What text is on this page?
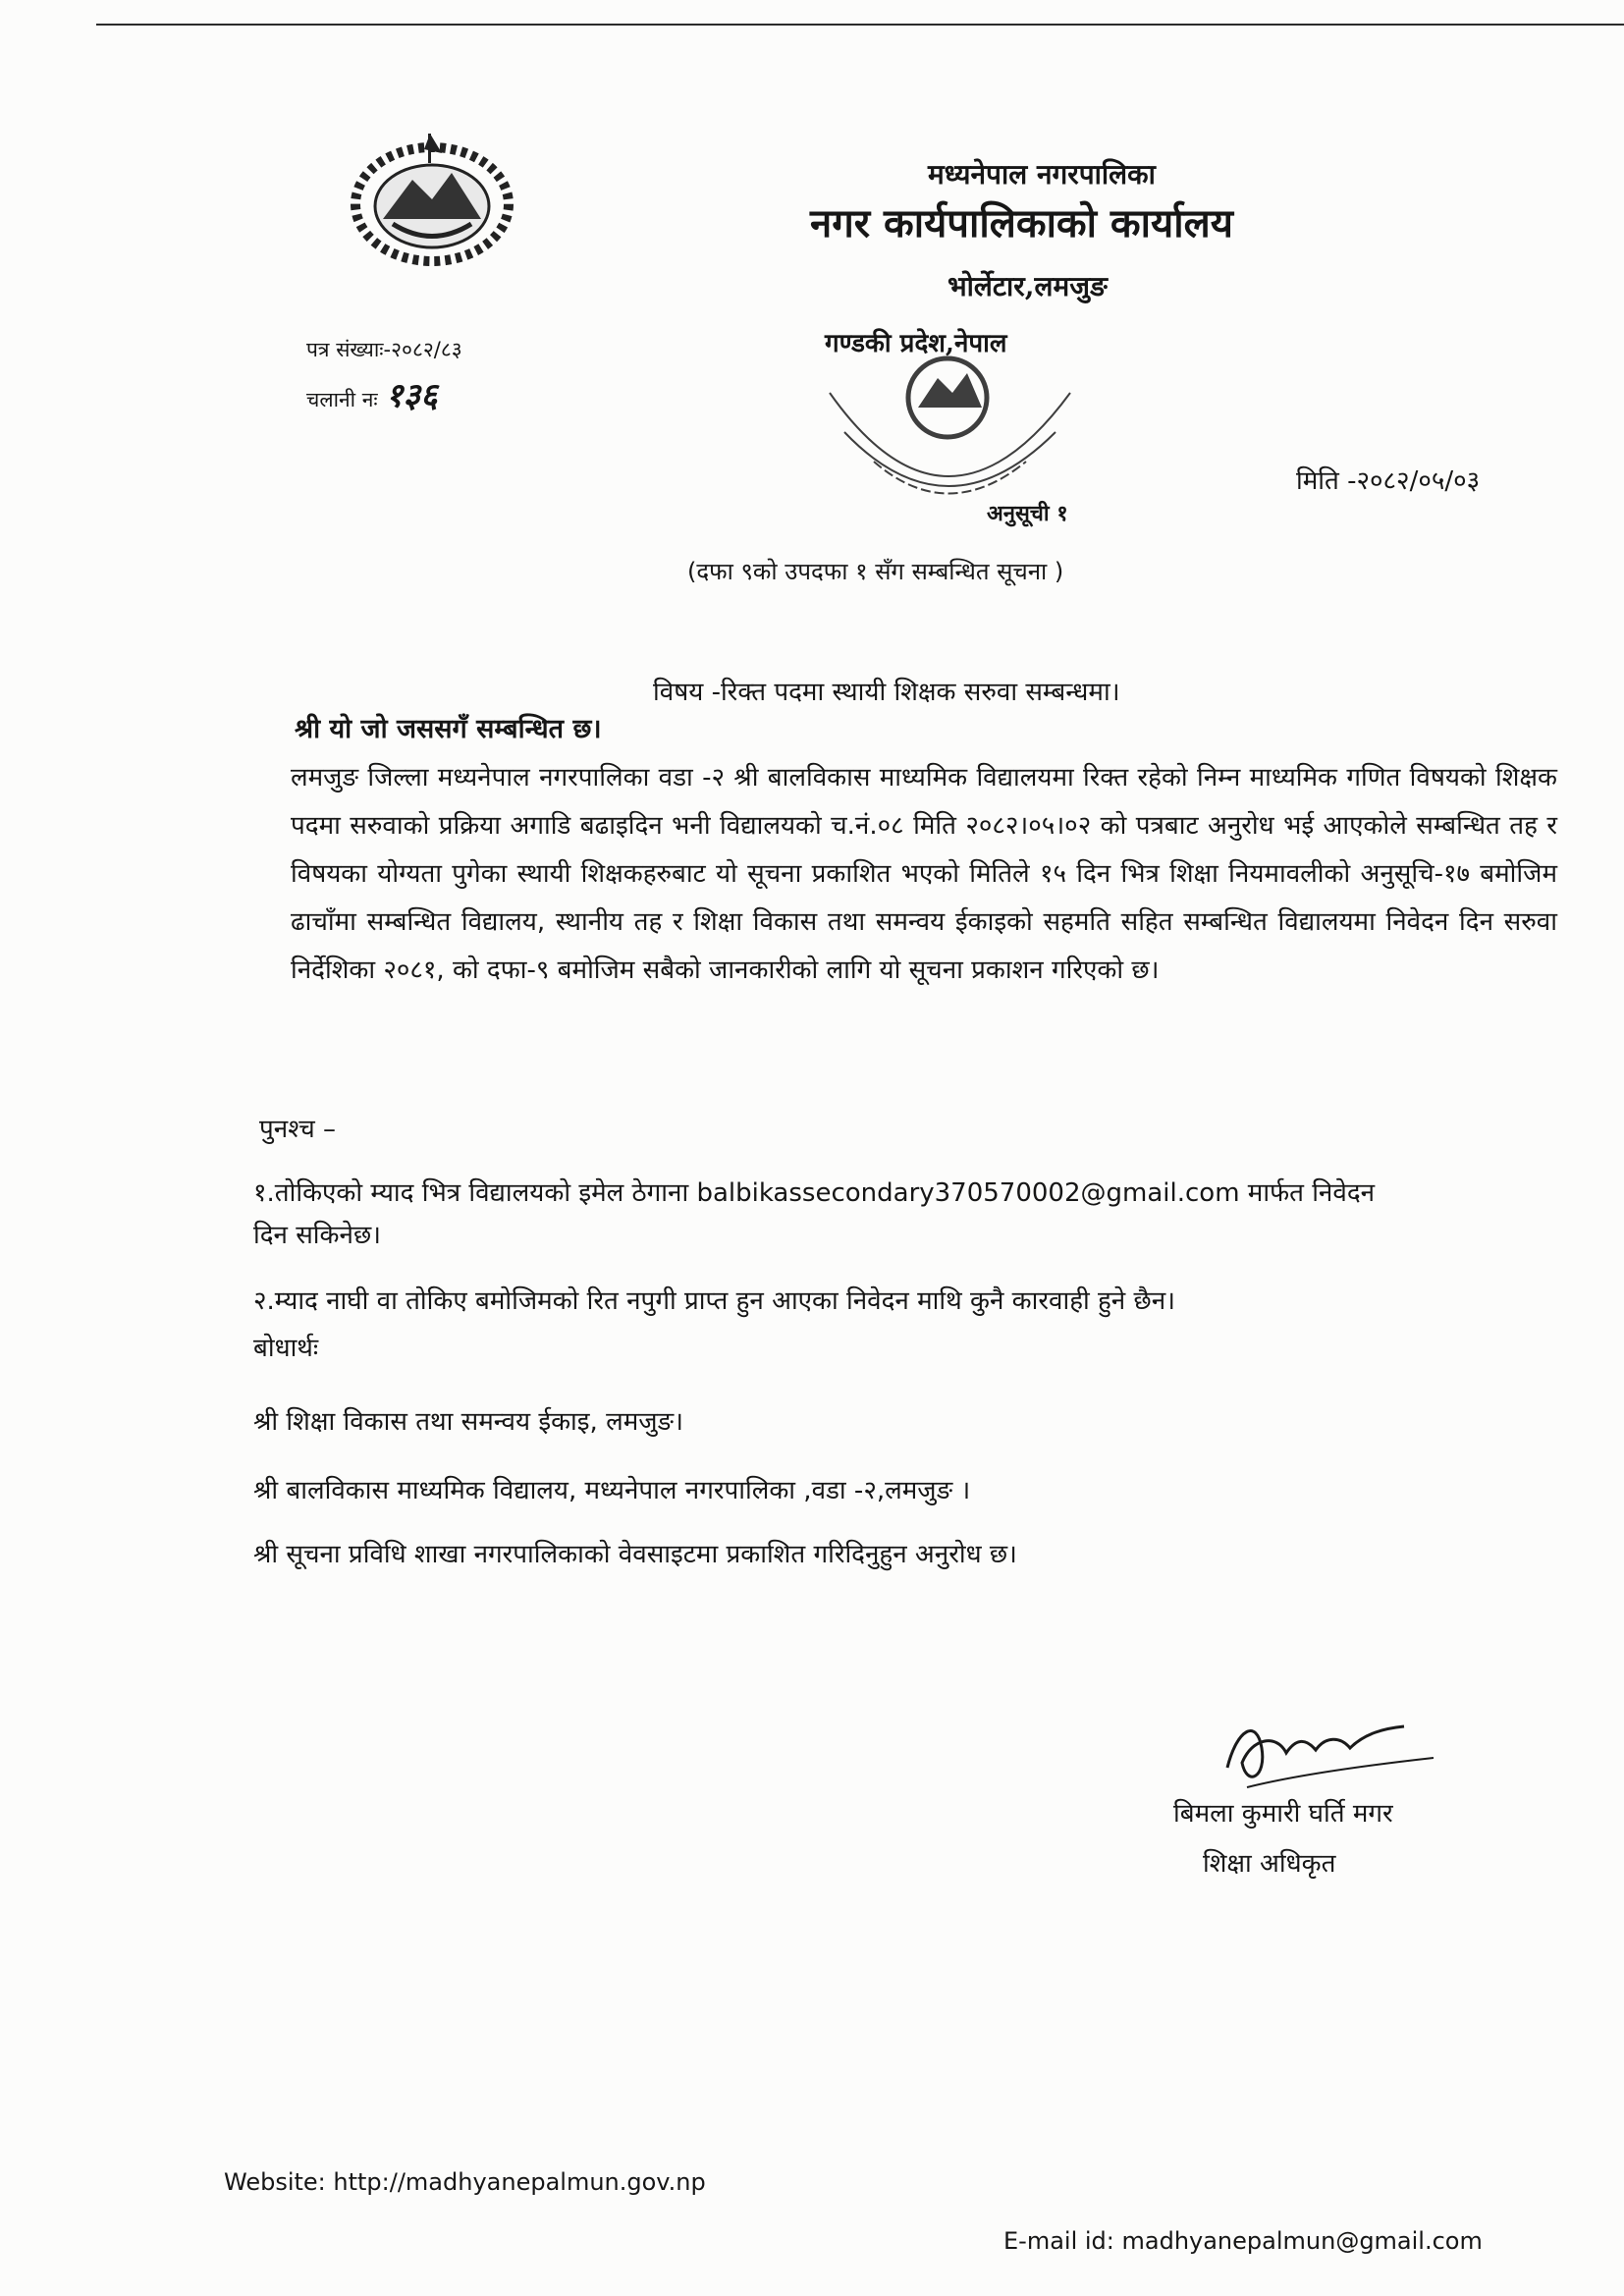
मध्यनेपाल नगरपालिका
नगर कार्यपालिकाको कार्यालय
भोर्लेटार,लमजुङ
गण्डकी प्रदेश,नेपाल
पत्र संख्याः-२०८२/८३
चलानी नः १३६
मिति -२०८२/०५/०३
अनुसूची १
(दफा ९को उपदफा १ सँग सम्बन्धित सूचना )
विषय -रिक्त पदमा स्थायी शिक्षक सरुवा सम्बन्धमा।
श्री यो जो जससगँ सम्बन्धित छ।
लमजुङ जिल्ला मध्यनेपाल नगरपालिका वडा -२ श्री बालविकास माध्यमिक विद्यालयमा रिक्त रहेको निम्न माध्यमिक गणित विषयको शिक्षक पदमा सरुवाको प्रक्रिया अगाडि बढाइदिन भनी विद्यालयको च.नं.०८ मिति २०८२।०५।०२ को पत्रबाट अनुरोध भई आएकोले सम्बन्धित तह र विषयका योग्यता पुगेका स्थायी शिक्षकहरुबाट यो सूचना प्रकाशित भएको मितिले १५ दिन भित्र शिक्षा नियमावलीको अनुसूचि-१७ बमोजिम ढाचाँमा सम्बन्धित विद्यालय, स्थानीय तह र शिक्षा विकास तथा समन्वय ईकाइको सहमति सहित सम्बन्धित विद्यालयमा निवेदन दिन सरुवा निर्देशिका २०८१, को दफा-९ बमोजिम सबैको जानकारीको लागि यो सूचना प्रकाशन गरिएको छ।
पुनश्च –
१.तोकिएको म्याद भित्र विद्यालयको इमेल ठेगाना balbikassecondary370570002@gmail.com मार्फत निवेदन
दिन सकिनेछ।
२.म्याद नाघी वा तोकिए बमोजिमको रित नपुगी प्राप्त हुन आएका निवेदन माथि कुनै कारवाही हुने छैन।
बोधार्थः
श्री शिक्षा विकास तथा समन्वय ईकाइ, लमजुङ।
श्री बालविकास माध्यमिक विद्यालय, मध्यनेपाल नगरपालिका ,वडा -२,लमजुङ ।
श्री सूचना प्रविधि शाखा नगरपालिकाको वेवसाइटमा प्रकाशित गरिदिनुहुन अनुरोध छ।
बिमला कुमारी घर्ति मगर
शिक्षा अधिकृत
Website: http://madhyanepalmun.gov.np
E-mail id: madhyanepalmun@gmail.com
